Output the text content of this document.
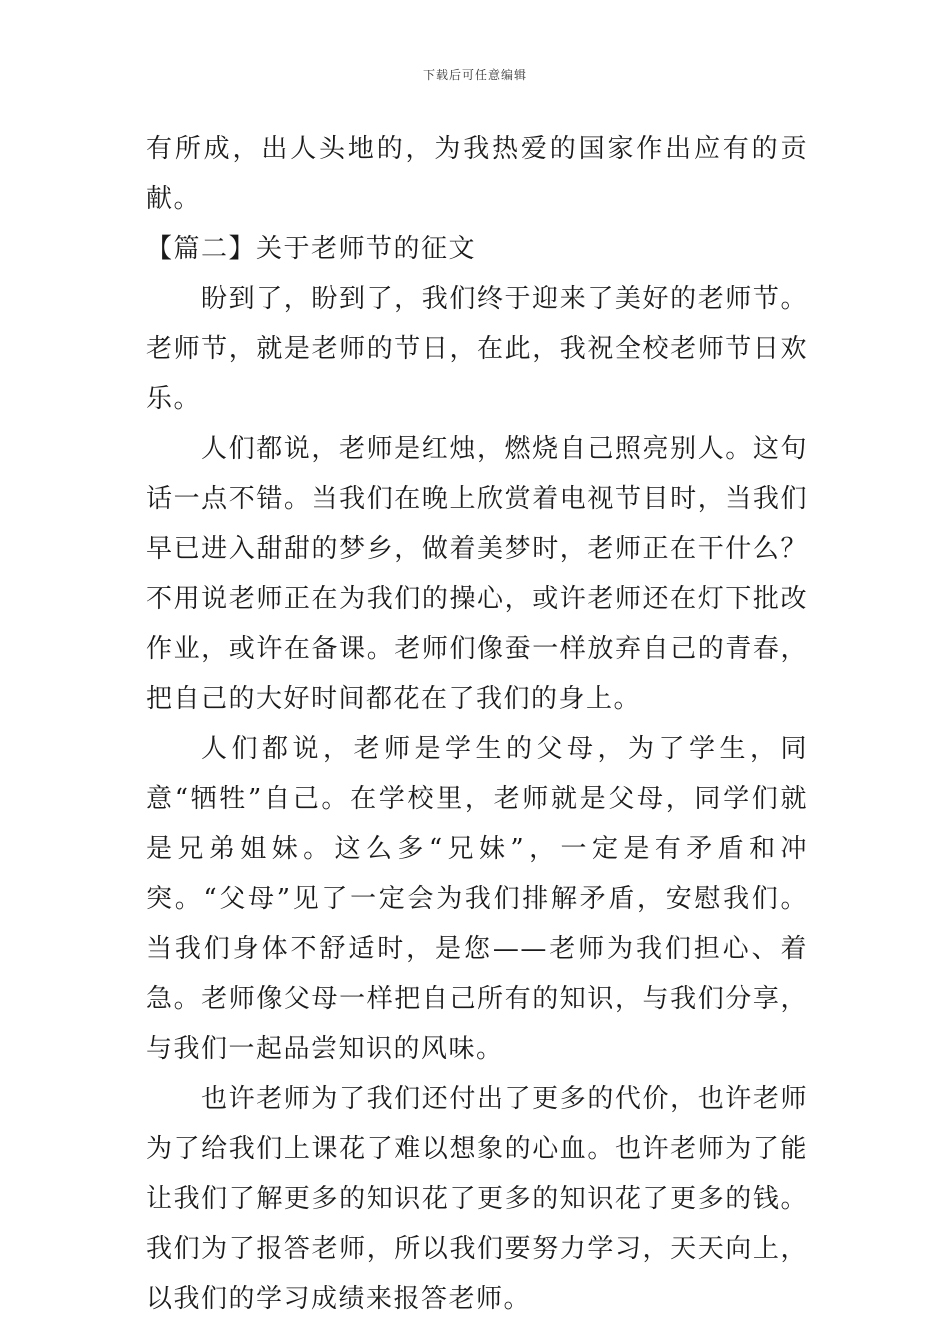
下载后可任意编辑

有所成，出人头地的，为我热爱的国家作出应有的贡献。

【篇二】关于老师节的征文

盼到了，盼到了，我们终于迎来了美好的老师节。老师节，就是老师的节日，在此，我祝全校老师节日欢乐。

人们都说，老师是红烛，燃烧自己照亮别人。这句话一点不错。当我们在晚上欣赏着电视节目时，当我们早已进入甜甜的梦乡，做着美梦时，老师正在干什么？不用说老师正在为我们的操心，或许老师还在灯下批改作业，或许在备课。老师们像蚕一样放弃自己的青春，把自己的大好时间都花在了我们的身上。

人们都说，老师是学生的父母，为了学生，同意“牺牲”自己。在学校里，老师就是父母，同学们就是兄弟姐妹。这么多“兄妹”，一定是有矛盾和冲突。“父母”见了一定会为我们排解矛盾，安慰我们。当我们身体不舒适时，是您——老师为我们担心、着急。老师像父母一样把自己所有的知识，与我们分享，与我们一起品尝知识的风味。

也许老师为了我们还付出了更多的代价，也许老师为了给我们上课花了难以想象的心血。也许老师为了能让我们了解更多的知识花了更多的知识花了更多的钱。我们为了报答老师，所以我们要努力学习，天天向上，以我们的学习成绩来报答老师。
